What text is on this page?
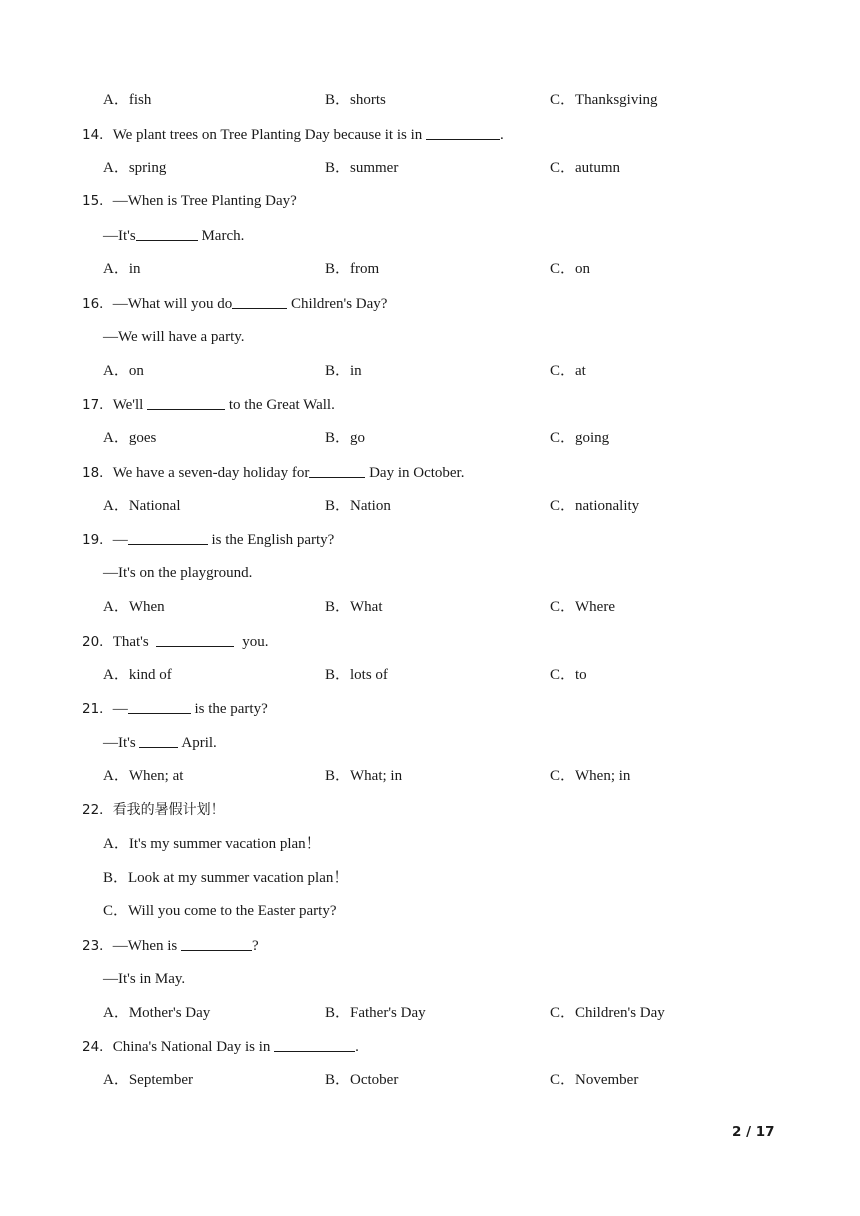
A．fish	B．shorts	C．Thanksgiving
14．We plant trees on Tree Planting Day because it is in	.
A．spring	B．summer	C．autumn
15．—When is Tree Planting Day?
—It's	March.
A．in	B．from	C．on
16．—What will you do	Children's Day?
—We will have a party.
A．on	B．in	C．at
17．We'll	to the Great Wall.
A．goes	B．go	C．going
18．We have a seven-day holiday for	Day in October.
A．National	B．Nation	C．nationality
19．—	is the English party?
—It's on the playground.
A．When	B．What	C．Where
20．That's	you.
A．kind of	B．lots of	C．to
21．—	is the party?
—It's	April.
A．When; at	B．What; in	C．When; in
22．看我的暑假计划！
A．It's my summer vacation plan！
B．Look at my summer vacation plan！
C．Will you come to the Easter party?
23．—When is	?
—It's in May.
A．Mother's Day	B．Father's Day	C．Children's Day
24．China's National Day is in	.
A．September	B．October	C．November
2 / 17
